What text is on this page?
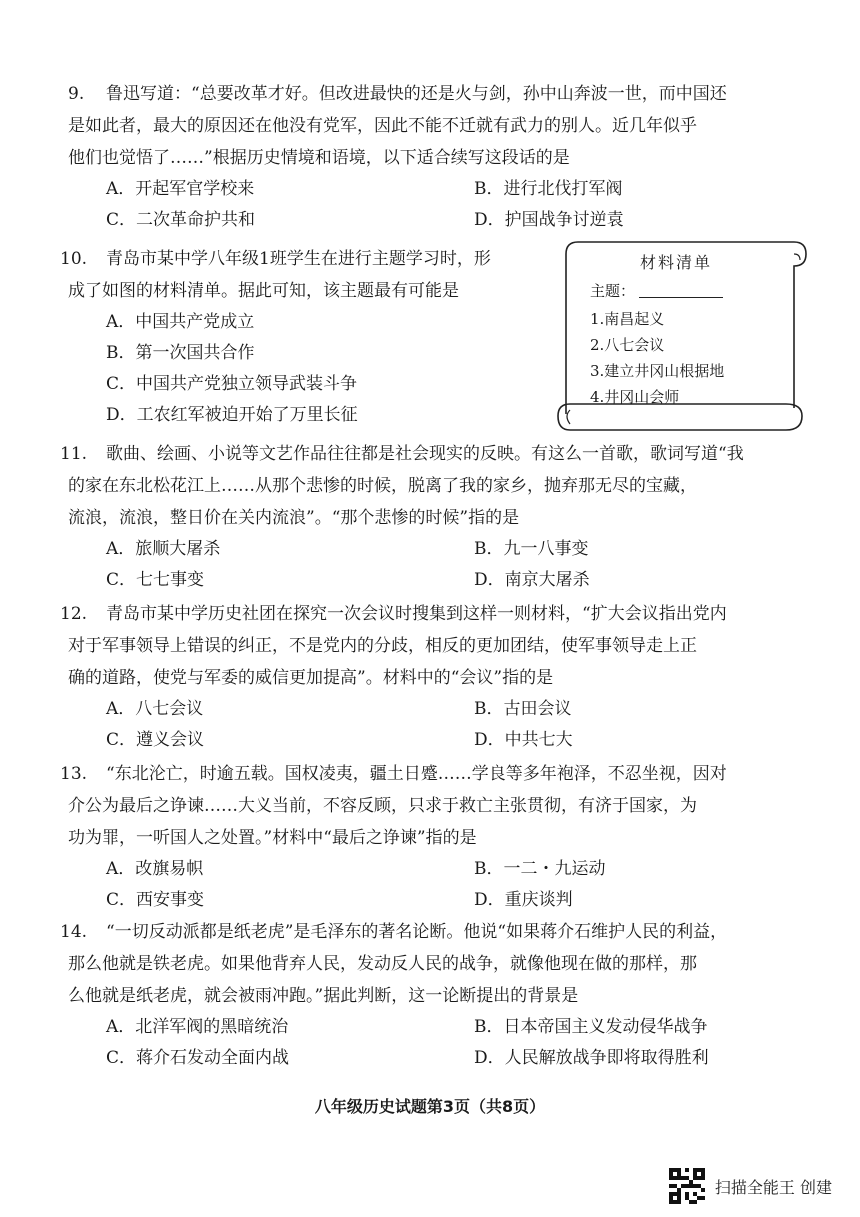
9. 鲁迅写道：“总要改革才好。但改进最快的还是火与剑，孙中山奔波一世，而中国还
是如此者，最大的原因还在他没有党军，因此不能不迁就有武力的别人。近几年似乎
他们也觉悟了……”根据历史情境和语境，以下适合续写这段话的是
A．开起军官学校来	B．进行北伐打军阀
C．二次革命护共和	D．护国战争讨逆袁
10. 青岛市某中学八年级1班学生在进行主题学习时，形
成了如图的材料清单。据此可知，该主题最有可能是
A．中国共产党成立
B．第一次国共合作
C．中国共产党独立领导武装斗争
D．工农红军被迫开始了万里长征
材料清单
主题：
1.南昌起义
2.八七会议
3.建立井冈山根据地
4.井冈山会师
11. 歌曲、绘画、小说等文艺作品往往都是社会现实的反映。有这么一首歌，歌词写道“我
的家在东北松花江上……从那个悲惨的时候，脱离了我的家乡，抛弃那无尽的宝藏，
流浪，流浪，整日价在关内流浪”。“那个悲惨的时候”指的是
A．旅顺大屠杀	B．九一八事变
C．七七事变	D．南京大屠杀
12. 青岛市某中学历史社团在探究一次会议时搜集到这样一则材料，“扩大会议指出党内
对于军事领导上错误的纠正，不是党内的分歧，相反的更加团结，使军事领导走上正
确的道路，使党与军委的威信更加提高”。材料中的“会议”指的是
A．八七会议	B．古田会议
C．遵义会议	D．中共七大
13. “东北沦亡，时逾五载。国权凌夷，疆土日蹙……学良等多年袍泽，不忍坐视，因对
介公为最后之诤谏……大义当前，不容反顾，只求于救亡主张贯彻，有济于国家，为
功为罪，一听国人之处置。”材料中“最后之诤谏”指的是
A．改旗易帜	B．一二・九运动
C．西安事变	D．重庆谈判
14. “一切反动派都是纸老虎”是毛泽东的著名论断。他说“如果蒋介石维护人民的利益，
那么他就是铁老虎。如果他背弃人民，发动反人民的战争，就像他现在做的那样，那
么他就是纸老虎，就会被雨冲跑。”据此判断，这一论断提出的背景是
A．北洋军阀的黑暗统治	B．日本帝国主义发动侵华战争
C．蒋介石发动全面内战	D．人民解放战争即将取得胜利
八年级历史试题第3页（共8页）
扫描全能王 创建
